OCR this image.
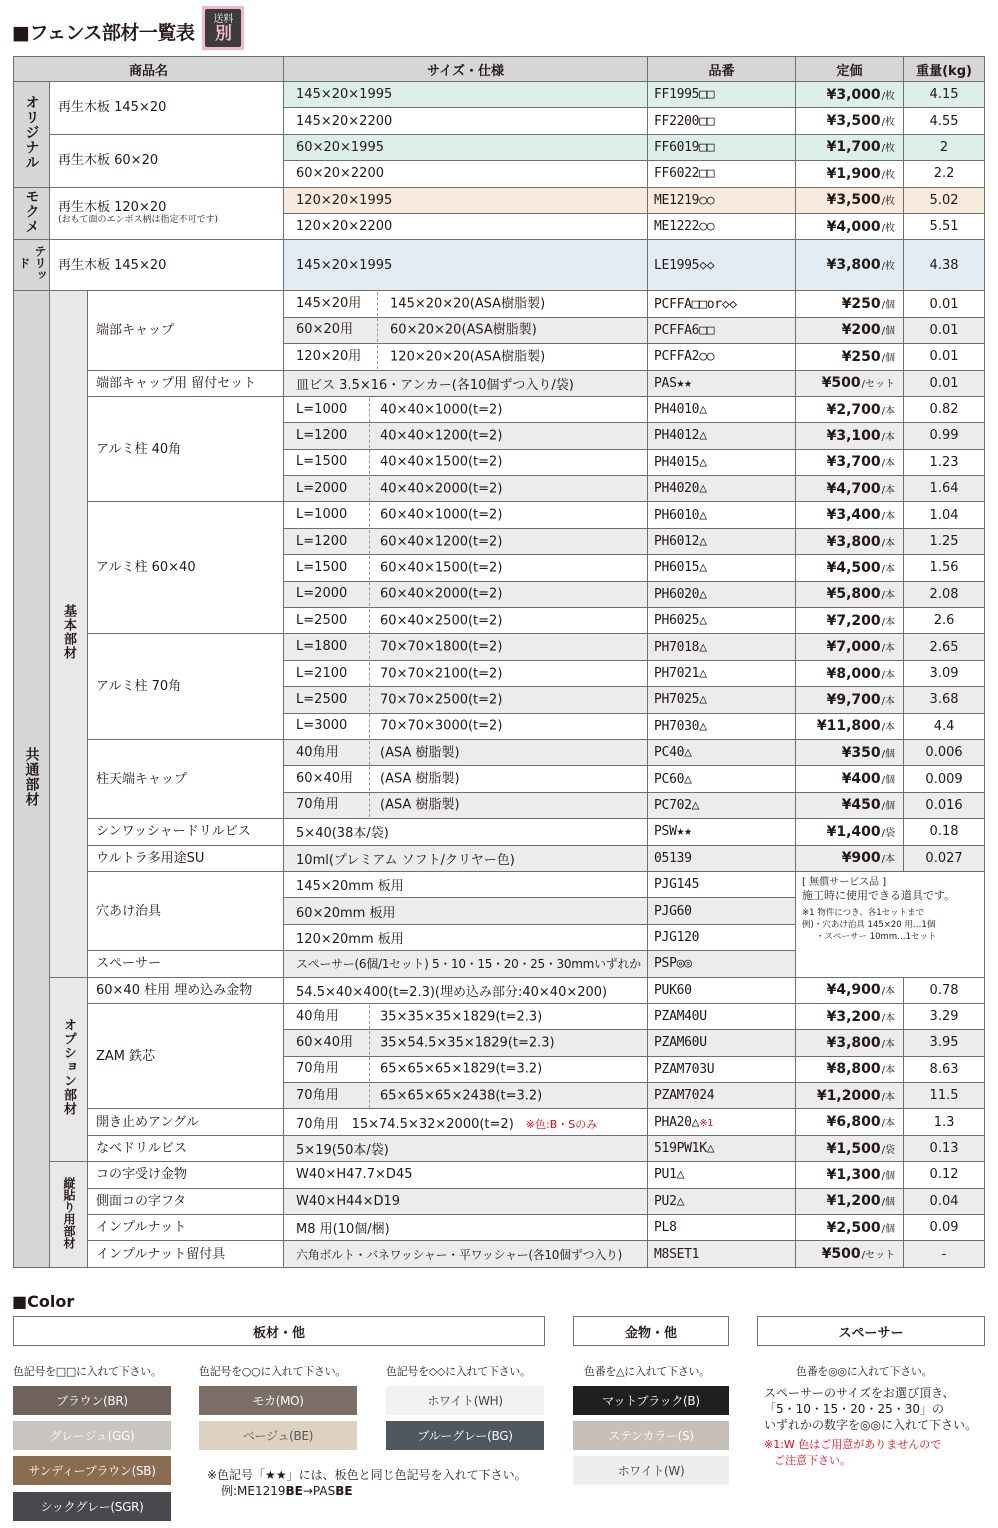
■フェンス部材一覧表
送料
別
商品名			サイズ・仕様	品番	定価	重量(kg)
オリジナル	再生木板 145×20		145×20×1995	FF1995□□	¥3,000/枚	4.15
			145×20×2200	FF2200□□	¥3,500/枚	4.55
	再生木板 60×20		60×20×1995	FF6019□□	¥1,700/枚	2
			60×20×2200	FF6022□□	¥1,900/枚	2.2
モクメ	再生木板 120×20
(おもて面のエンボス柄は指定不可です)		120×20×1995	ME1219○○	¥3,500/枚	5.02
			120×20×2200	ME1222○○	¥4,000/枚	5.51
テリッド	再生木板 145×20		145×20×1995	LE1995◇◇	¥3,800/枚	4.38
共通部材	基本部材	端部キャップ	145×20用 145×20×20(ASA樹脂製)	PCFFA□□or◇◇	¥250/個	0.01
			60×20用 60×20×20(ASA樹脂製)	PCFFA6□□	¥200/個	0.01
			120×20用 120×20×20(ASA樹脂製)	PCFFA2○○	¥250/個	0.01
		端部キャップ用 留付セット	皿ビス 3.5×16・アンカー(各10個ずつ入り/袋)	PAS★★	¥500/セット	0.01
		アルミ柱 40角	L=1000 40×40×1000(t=2)	PH4010△	¥2,700/本	0.82
			L=1200 40×40×1200(t=2)	PH4012△	¥3,100/本	0.99
			L=1500 40×40×1500(t=2)	PH4015△	¥3,700/本	1.23
			L=2000 40×40×2000(t=2)	PH4020△	¥4,700/本	1.64
		アルミ柱 60×40	L=1000 60×40×1000(t=2)	PH6010△	¥3,400/本	1.04
			L=1200 60×40×1200(t=2)	PH6012△	¥3,800/本	1.25
			L=1500 60×40×1500(t=2)	PH6015△	¥4,500/本	1.56
			L=2000 60×40×2000(t=2)	PH6020△	¥5,800/本	2.08
			L=2500 60×40×2500(t=2)	PH6025△	¥7,200/本	2.6
		アルミ柱 70角	L=1800 70×70×1800(t=2)	PH7018△	¥7,000/本	2.65
			L=2100 70×70×2100(t=2)	PH7021△	¥8,000/本	3.09
			L=2500 70×70×2500(t=2)	PH7025△	¥9,700/本	3.68
			L=3000 70×70×3000(t=2)	PH7030△	¥11,800/本	4.4
		柱天端キャップ	40角用 (ASA 樹脂製)	PC40△	¥350/個	0.006
			60×40用 (ASA 樹脂製)	PC60△	¥400/個	0.009
			70角用 (ASA 樹脂製)	PC702△	¥450/個	0.016
		シンワッシャードリルビス	5×40(38本/袋)	PSW★★	¥1,400/袋	0.18
		ウルトラ多用途SU	10ml(プレミアム ソフト/クリヤー色)	05139	¥900/本	0.027
		穴あけ治具	145×20mm 板用	PJG145	[ 無償サービス品 ]
施工時に使用できる道具です。
※1 物件につき、各1セットまで
例)・穴あけ治具 145×20 用…1個
・スペーサー 10mm…1セット	

			60×20mm 板用	PJG60		
			120×20mm 板用	PJG120		
		スペーサー	スペーサー(6個/1セット) 5・10・15・20・25・30mmいずれか	PSP◎◎		
	オプション部材	60×40 柱用 埋め込み金物	54.5×40×400(t=2.3)(埋め込み部分:40×40×200)	PUK60	¥4,900/本	0.78
		ZAM 鉄芯	40角用 35×35×35×1829(t=2.3)	PZAM40U	¥3,200/本	3.29
			60×40用 35×54.5×35×1829(t=2.3)	PZAM60U	¥3,800/本	3.95
			70角用 65×65×65×1829(t=3.2)	PZAM703U	¥8,800/本	8.63
			70角用 65×65×65×2438(t=3.2)	PZAM7024	¥1,2000/本	11.5
		開き止めアングル	70角用　15×74.5×32×2000(t=2) ※色:B・Sのみ	PHA20△※1	¥6,800/本	1.3
		なべドリルビス	5×19(50本/袋)	519PW1K△	¥1,500/袋	0.13
	縦貼り用部材	コの字受け金物	W40×H47.7×D45	PU1△	¥1,300/個	0.12
		側面コの字フタ	W40×H44×D19	PU2△	¥1,200/個	0.04
		インプルナット	M8 用(10個/梱)	PL8	¥2,500/個	0.09
		インプルナット留付具	六角ボルト・バネワッシャー・平ワッシャー(各10個ずつ入り)	M8SET1	¥500/セット	-
■Color
板材・他	金物・他	スペーサー
色記号を□□に入れて下さい。	色記号を○○に入れて下さい。	色記号を◇◇に入れて下さい。	色番を△に入れて下さい。	色番を◎◎に入れて下さい。
ブラウン(BR)
グレージュ(GG)
サンディーブラウン(SB)
シックグレー(SGR)
モカ(MO)
ベージュ(BE)
ホワイト(WH)
ブルーグレー(BG)
マットブラック(B)
ステンカラー(S)
ホワイト(W)
※色記号「★★」には、板色と同じ色記号を入れて下さい。
例:ME1219BE→PASBE
スペーサーのサイズをお選び頂き、
「5・10・15・20・25・30」の
いずれかの数字を◎◎に入れて下さい。
※1:W 色はご用意がありませんので
ご注意下さい。
